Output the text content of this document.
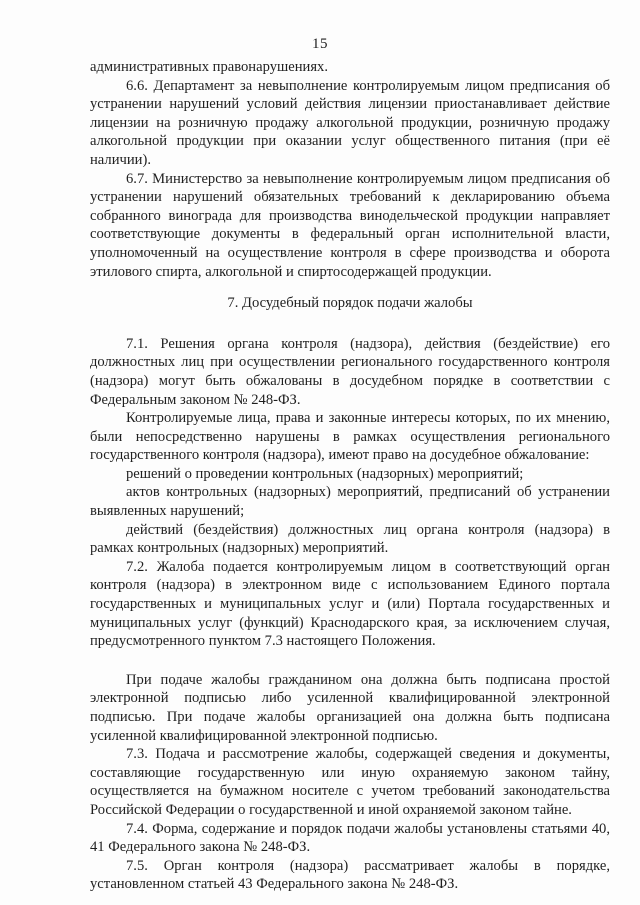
15

административных правонарушениях.

6.6. Департамент за невыполнение контролируемым лицом предписания об устранении нарушений условий действия лицензии приостанавливает действие лицензии на розничную продажу алкогольной продукции, розничную продажу алкогольной продукции при оказании услуг общественного питания (при её наличии).

6.7. Министерство за невыполнение контролируемым лицом предписания об устранении нарушений обязательных требований к декларированию объема собранного винограда для производства винодельческой продукции направляет соответствующие документы в федеральный орган исполнительной власти, уполномоченный на осуществление контроля в сфере производства и оборота этилового спирта, алкогольной и спиртосодержащей продукции.

7. Досудебный порядок подачи жалобы

7.1. Решения органа контроля (надзора), действия (бездействие) его должностных лиц при осуществлении регионального государственного контроля (надзора) могут быть обжалованы в досудебном порядке в соответствии с Федеральным законом № 248-ФЗ.

Контролируемые лица, права и законные интересы которых, по их мнению, были непосредственно нарушены в рамках осуществления регионального государственного контроля (надзора), имеют право на досудебное обжалование:

решений о проведении контрольных (надзорных) мероприятий;

актов контрольных (надзорных) мероприятий, предписаний об устранении выявленных нарушений;

действий (бездействия) должностных лиц органа контроля (надзора) в рамках контрольных (надзорных) мероприятий.

7.2. Жалоба подается контролируемым лицом в соответствующий орган контроля (надзора) в электронном виде с использованием Единого портала государственных и муниципальных услуг и (или) Портала государственных и муниципальных услуг (функций) Краснодарского края, за исключением случая, предусмотренного пунктом 7.3 настоящего Положения.

При подаче жалобы гражданином она должна быть подписана простой электронной подписью либо усиленной квалифицированной электронной подписью. При подаче жалобы организацией она должна быть подписана усиленной квалифицированной электронной подписью.

7.3. Подача и рассмотрение жалобы, содержащей сведения и документы, составляющие государственную или иную охраняемую законом тайну, осуществляется на бумажном носителе с учетом требований законодательства Российской Федерации о государственной и иной охраняемой законом тайне.

7.4. Форма, содержание и порядок подачи жалобы установлены статьями 40, 41 Федерального закона № 248-ФЗ.

7.5. Орган контроля (надзора) рассматривает жалобы в порядке, установленном статьей 43 Федерального закона № 248-ФЗ.
